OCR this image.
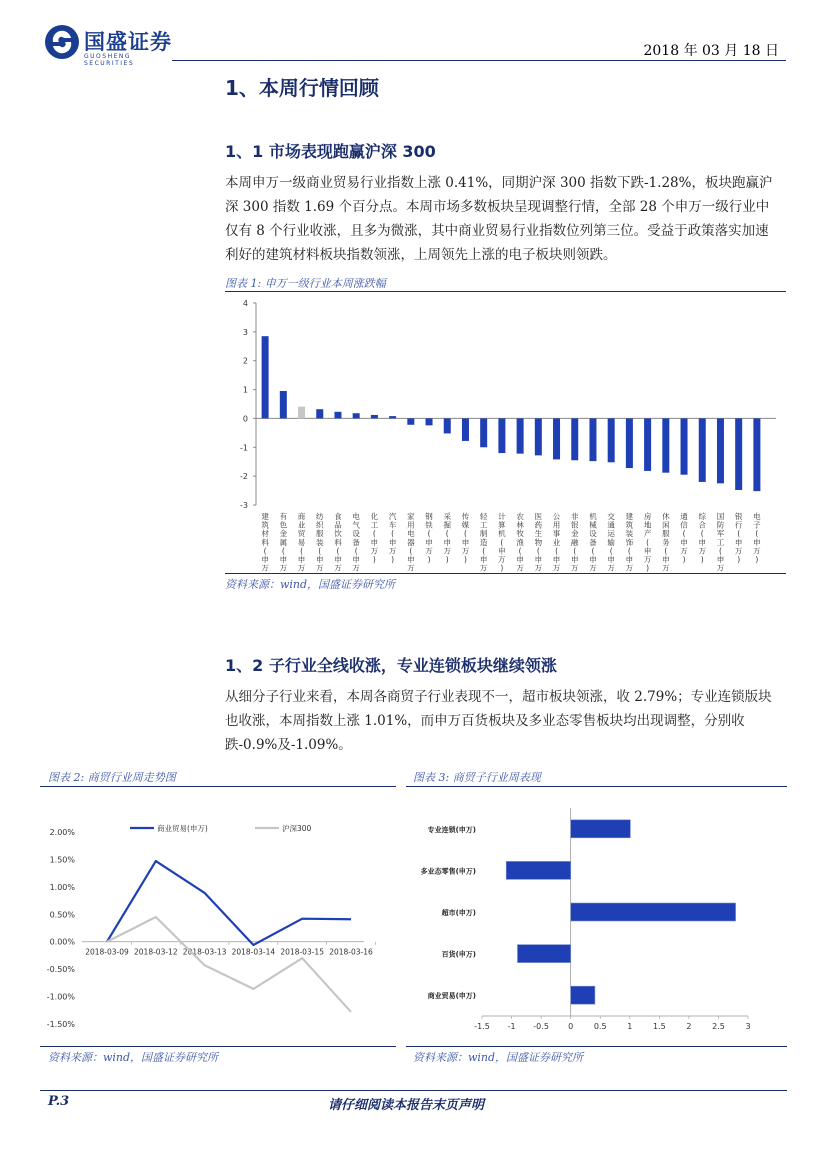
国盛证券
GUOSHENG SECURITIES
2018 年 03 月 18 日
1、本周行情回顾
1、1 市场表现跑赢沪深 300

本周申万一级商业贸易行业指数上涨 0.41%，同期沪深 300 指数下跌-1.28%，板块跑赢沪深 300 指数 1.69 个百分点。本周市场多数板块呈现调整行情，全部 28 个申万一级行业中仅有 8 个行业收涨，且多为微涨，其中商业贸易行业指数位列第三位。受益于政策落实加速利好的建筑材料板块指数领涨，上周领先上涨的电子板块则领跌。

图表 1: 申万一级行业本周涨跌幅
4
3
2
1
0
-1
-2
-3
建
筑
材
料
(
申
万
有
色
金
属
(
申
万
商
业
贸
易
(
申
万
纺
织
服
装
(
申
万
食
品
饮
料
(
申
万
电
气
设
备
(
申
万
化
工
(
申
万
)
汽
车
(
申
万
)
家
用
电
器
(
申
万
钢
铁
(
申
万
)
采
掘
(
申
万
)
传
媒
(
申
万
)
轻
工
制
造
(
申
万
计
算
机
(
申
万
)
农
林
牧
渔
(
申
万
医
药
生
物
(
申
万
公
用
事
业
(
申
万
非
银
金
融
(
申
万
机
械
设
备
(
申
万
交
通
运
输
(
申
万
建
筑
装
饰
(
申
万
房
地
产
(
申
万
)
休
闲
服
务
(
申
万
通
信
(
申
万
)
综
合
(
申
万
)
国
防
军
工
(
申
万
银
行
(
申
万
)
电
子
(
申
万
)
资料来源：wind，国盛证券研究所
1、2 子行业全线收涨，专业连锁板块继续领涨

从细分子行业来看，本周各商贸子行业表现不一，超市板块领涨，收 2.79%；专业连锁版块也收涨，本周指数上涨 1.01%，而申万百货板块及多业态零售板块均出现调整，分别收跌-0.9%及-1.09%。

图表 2: 商贸行业周走势图
2.00%
1.50%
1.00%
0.50%
0.00%
-0.50%
-1.00%
-1.50%
2018-03-09 2018-03-12 2018-03-13 2018-03-14 2018-03-15 2018-03-16
商业贸易(申万)	沪深300
资料来源：wind，国盛证券研究所
图表 3: 商贸子行业周表现
-1.5 -1 -0.5 0	0.5	1	1.5	2	2.5	3
专业连锁(申万)
多业态零售(申万)
超市(申万)
百货(申万)
商业贸易(申万)
资料来源：wind，国盛证券研究所
P.3	请仔细阅读本报告末页声明
